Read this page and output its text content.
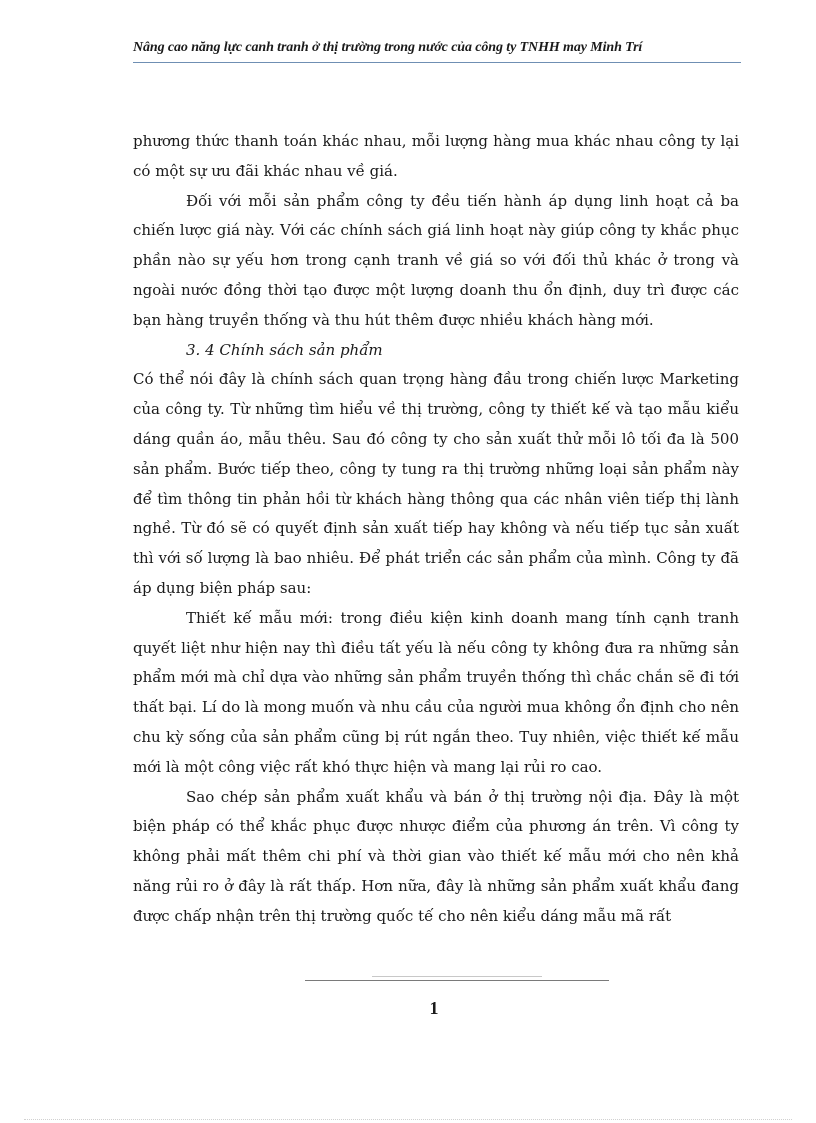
Nâng cao năng lực canh tranh ở thị trường trong nước của công ty TNHH may Minh Trí

phương thức thanh toán khác nhau, mỗi lượng hàng mua khác nhau công ty lại có một sự ưu đãi khác nhau về giá.

Đối với mỗi sản phẩm công ty đều tiến hành áp dụng linh hoạt cả ba chiến lược giá này. Với các chính sách giá linh hoạt này giúp công ty khắc phục phần nào sự yếu hơn trong cạnh tranh về giá so với đối thủ khác ở trong và ngoài nước đồng thời tạo được một lượng doanh thu ổn định, duy trì được các bạn hàng truyền thống và thu hút thêm được nhiều khách hàng mới.

3. 4 Chính sách sản phẩm

Có thể nói đây là chính sách quan trọng hàng đầu trong chiến lược Marketing của công ty. Từ những tìm hiểu về thị trường, công ty thiết kế và tạo mẫu kiểu dáng quần áo, mẫu thêu. Sau đó công ty cho sản xuất thử mỗi lô tối đa là 500 sản phẩm. Bước tiếp theo, công ty tung ra thị trường những loại sản phẩm này để tìm thông tin phản hồi từ khách hàng thông qua các nhân viên tiếp thị lành nghề. Từ đó sẽ có quyết định sản xuất tiếp hay không và nếu tiếp tục sản xuất thì với số lượng là bao nhiêu. Để phát triển các sản phẩm của mình. Công ty đã áp dụng biện pháp sau:

Thiết kế mẫu mới: trong điều kiện kinh doanh mang tính cạnh tranh quyết liệt như hiện nay thì điều tất yếu là nếu công ty không đưa ra những sản phẩm mới mà chỉ dựa vào những sản phẩm truyền thống thì chắc chắn sẽ đi tới thất bại. Lí do là mong muốn và nhu cầu của người mua không ổn định cho nên chu kỳ sống của sản phẩm cũng bị rút ngắn theo. Tuy nhiên, việc thiết kế mẫu mới là một công việc rất khó thực hiện và mang lại rủi ro cao.

Sao chép sản phẩm xuất khẩu và bán ở thị trường nội địa. Đây là một biện pháp có thể khắc phục được nhược điểm của phương án trên. Vì công ty không phải mất thêm chi phí và thời gian vào thiết kế mẫu mới cho nên khả năng rủi ro ở đây là rất thấp. Hơn nữa, đây là những sản phẩm xuất khẩu đang được chấp nhận trên thị trường quốc tế cho nên kiểu dáng mẫu mã rất

1
